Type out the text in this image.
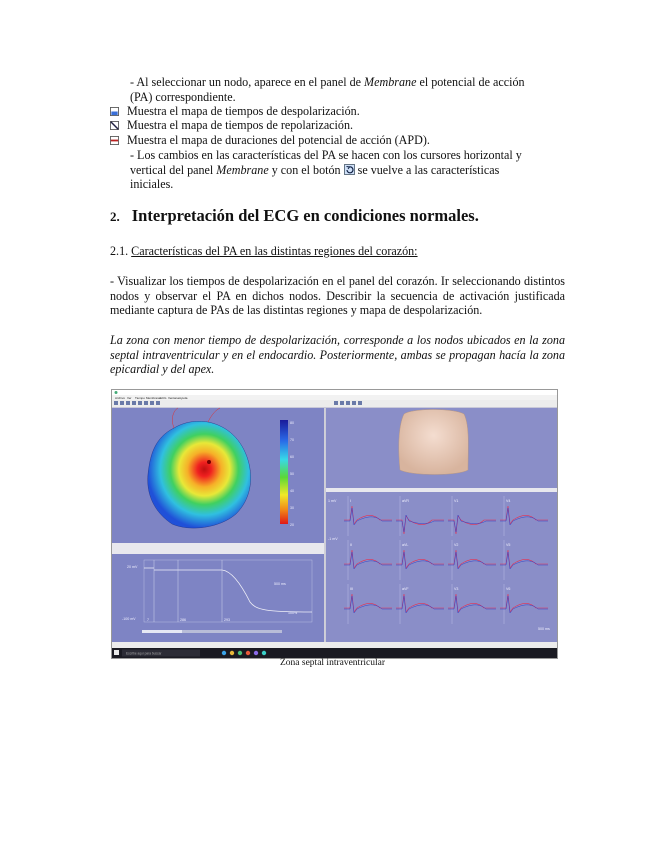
- Al seleccionar un nodo, aparece en el panel de Membrane el potencial de acción
(PA) correspondiente.
Muestra el mapa de tiempos de despolarización.
Muestra el mapa de tiempos de repolarización.
Muestra el mapa de duraciones del potencial de acción (APD).
- Los cambios en las características del PA se hacen con los cursores horizontal y
vertical del panel Membrane y con el botón  se vuelve a las características
iniciales.
2. Interpretación del ECG en condiciones normales.
2.1. Características del PA en las distintas regiones del corazón:
- Visualizar los tiempos de despolarización en el panel del corazón. Ir seleccionando distintos nodos y observar el PA en dichos nodos. Describir la secuencia de activación justificada mediante captura de PAs de las distintas regiones y mapa de despolarización.
La zona con menor tiempo de despolarización, corresponde a los nodos ubicados en la zona septal intraventricular y en el endocardio. Posteriormente, ambas se propagan hacía la zona epicardial y del apex.
Archivo Ver Tiempo Membrana ECG Ventana Ayuda
80
70
60
50
40
30
20
20 mV
-100 mV
500 ms
100%
7	286	293
I	aVR	V1	V4
II	aVL	V2	V5
III	aVF	V3	V6
1 mV
-1 mV
500 ms
Escribe aquí para buscar
Zona septal intraventricular
